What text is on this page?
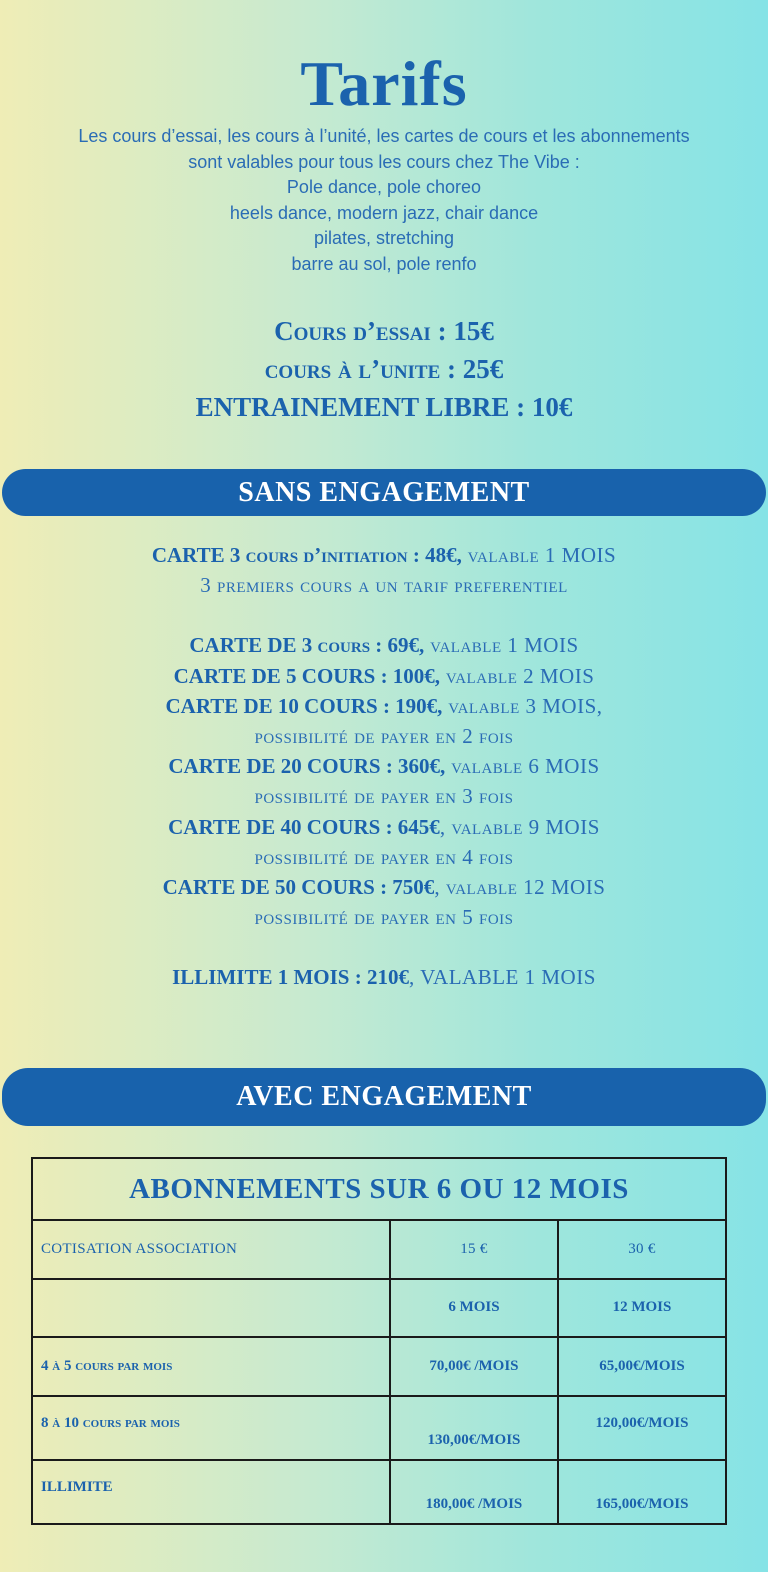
Tarifs
Les cours d’essai, les cours à l’unité, les cartes de cours et les abonnements
sont valables pour tous les cours chez The Vibe :
Pole dance, pole choreo
heels dance, modern jazz, chair dance
pilates, stretching
barre au sol, pole renfo
Cours d’essai : 15€
cours à l’unite : 25€
ENTRAINEMENT LIBRE : 10€
SANS ENGAGEMENT
CARTE 3 cours d’initiation : 48€, valable 1 MOIS
3 premiers cours a un tarif preferentiel
CARTE DE 3 cours : 69€, valable 1 MOIS
CARTE DE 5 COURS : 100€, valable 2 MOIS
CARTE DE 10 COURS : 190€, valable 3 MOIS,
possibilité de payer en 2 fois
CARTE DE 20 COURS : 360€, valable 6 MOIS
possibilité de payer en 3 fois
CARTE DE 40 COURS : 645€, valable 9 MOIS
possibilité de payer en 4 fois
CARTE DE 50 COURS : 750€, valable 12 MOIS
possibilité de payer en 5 fois
ILLIMITE 1 MOIS : 210€, VALABLE 1 MOIS
AVEC ENGAGEMENT
ABONNEMENTS SUR 6 OU 12 MOIS		
COTISATION ASSOCIATION	15 €	30 €
	6 MOIS	12 MOIS
4 à 5 cours par mois	70,00€ /MOIS	65,00€/MOIS
8 à 10 cours par mois	130,00€/MOIS	120,00€/MOIS
ILLIMITE	180,00€ /MOIS	165,00€/MOIS
